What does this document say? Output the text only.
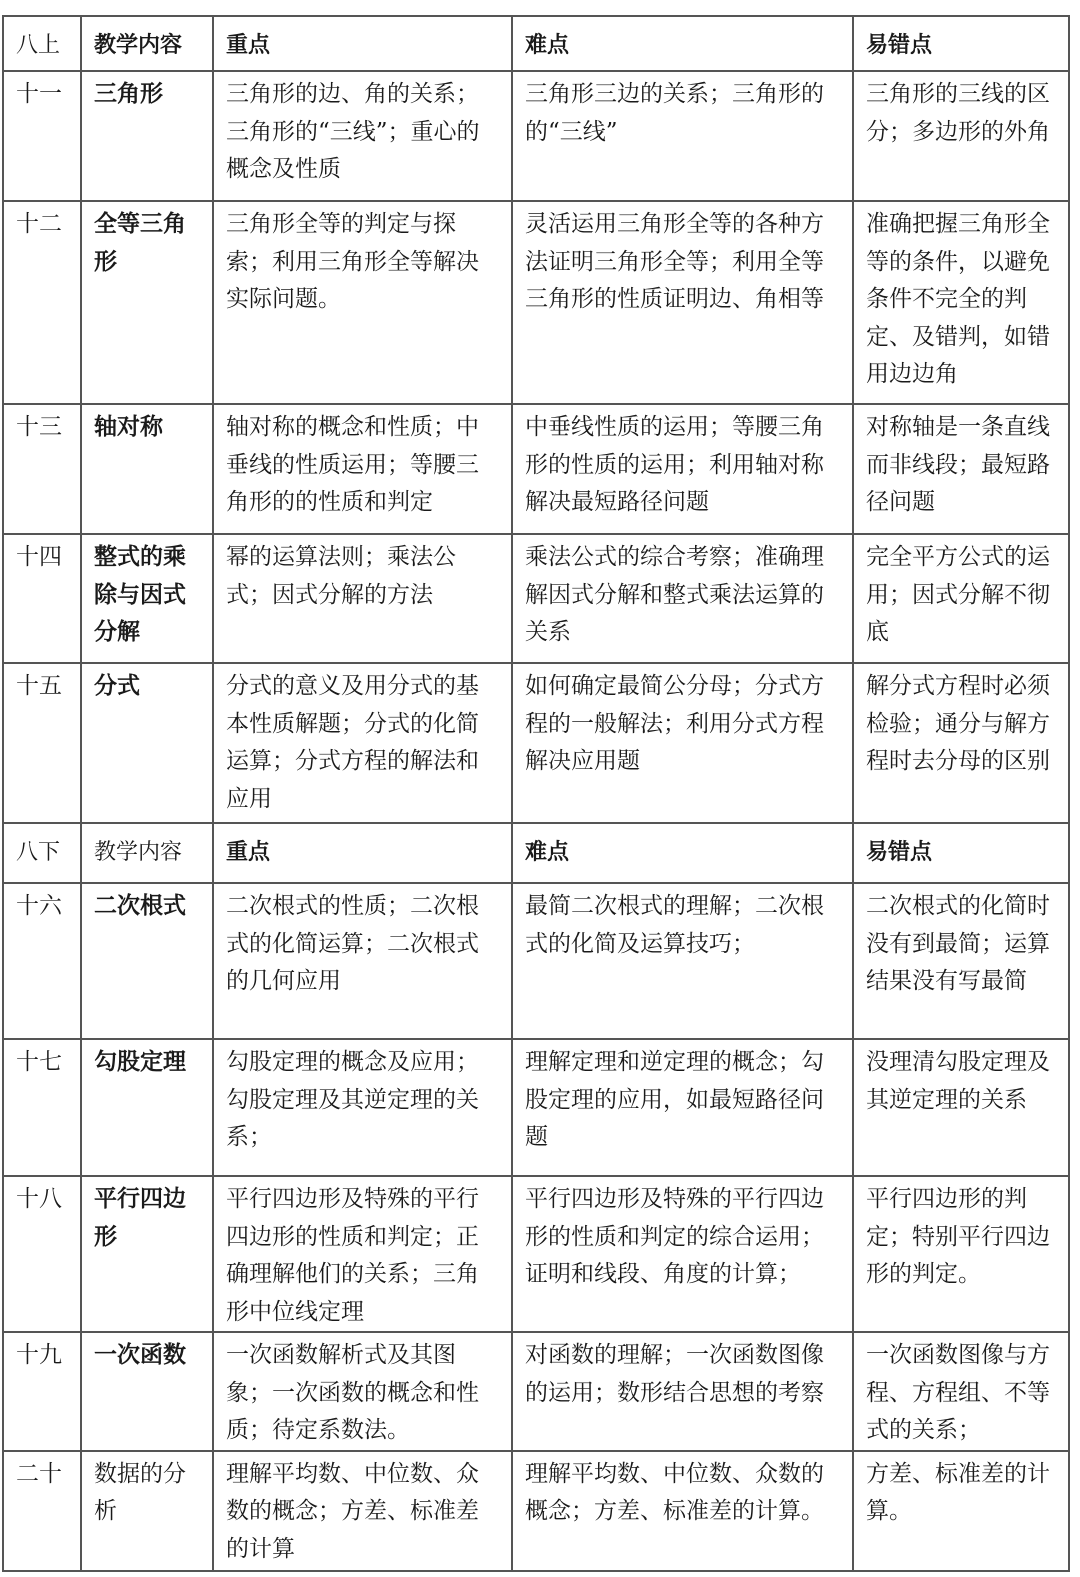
八上	教学内容	重点	难点	易错点
十一	三角形	三角形的边、角的关系；三角形的“三线”；重心的概念及性质	三角形三边的关系；三角形的的“三线”	三角形的三线的区分；多边形的外角
十二	全等三角形	三角形全等的判定与探索；利用三角形全等解决实际问题。	灵活运用三角形全等的各种方法证明三角形全等；利用全等三角形的性质证明边、角相等	准确把握三角形全等的条件，以避免条件不完全的判定、及错判，如错用边边角
十三	轴对称	轴对称的概念和性质；中垂线的性质运用；等腰三角形的的性质和判定	中垂线性质的运用；等腰三角形的性质的运用；利用轴对称解决最短路径问题	对称轴是一条直线而非线段；最短路径问题
十四	整式的乘除与因式分解	幂的运算法则；乘法公式；因式分解的方法	乘法公式的综合考察；准确理解因式分解和整式乘法运算的关系	完全平方公式的运用；因式分解不彻底
十五	分式	分式的意义及用分式的基本性质解题；分式的化简运算；分式方程的解法和应用	如何确定最简公分母；分式方程的一般解法；利用分式方程解决应用题	解分式方程时必须检验；通分与解方程时去分母的区别
八下	教学内容	重点	难点	易错点
十六	二次根式	二次根式的性质；二次根式的化简运算；二次根式的几何应用	最简二次根式的理解；二次根式的化简及运算技巧；	二次根式的化简时没有到最简；运算结果没有写最简
十七	勾股定理	勾股定理的概念及应用；勾股定理及其逆定理的关系；	理解定理和逆定理的概念；勾股定理的应用，如最短路径问题	没理清勾股定理及其逆定理的关系
十八	平行四边形	平行四边形及特殊的平行四边形的性质和判定；正确理解他们的关系；三角形中位线定理	平行四边形及特殊的平行四边形的性质和判定的综合运用；证明和线段、角度的计算；	平行四边形的判定；特别平行四边形的判定。
十九	一次函数	一次函数解析式及其图象；一次函数的概念和性质；待定系数法。	对函数的理解；一次函数图像的运用；数形结合思想的考察	一次函数图像与方程、方程组、不等式的关系；
二十	数据的分析	理解平均数、中位数、众数的概念；方差、标准差的计算	理解平均数、中位数、众数的概念；方差、标准差的计算。	方差、标准差的计算。
